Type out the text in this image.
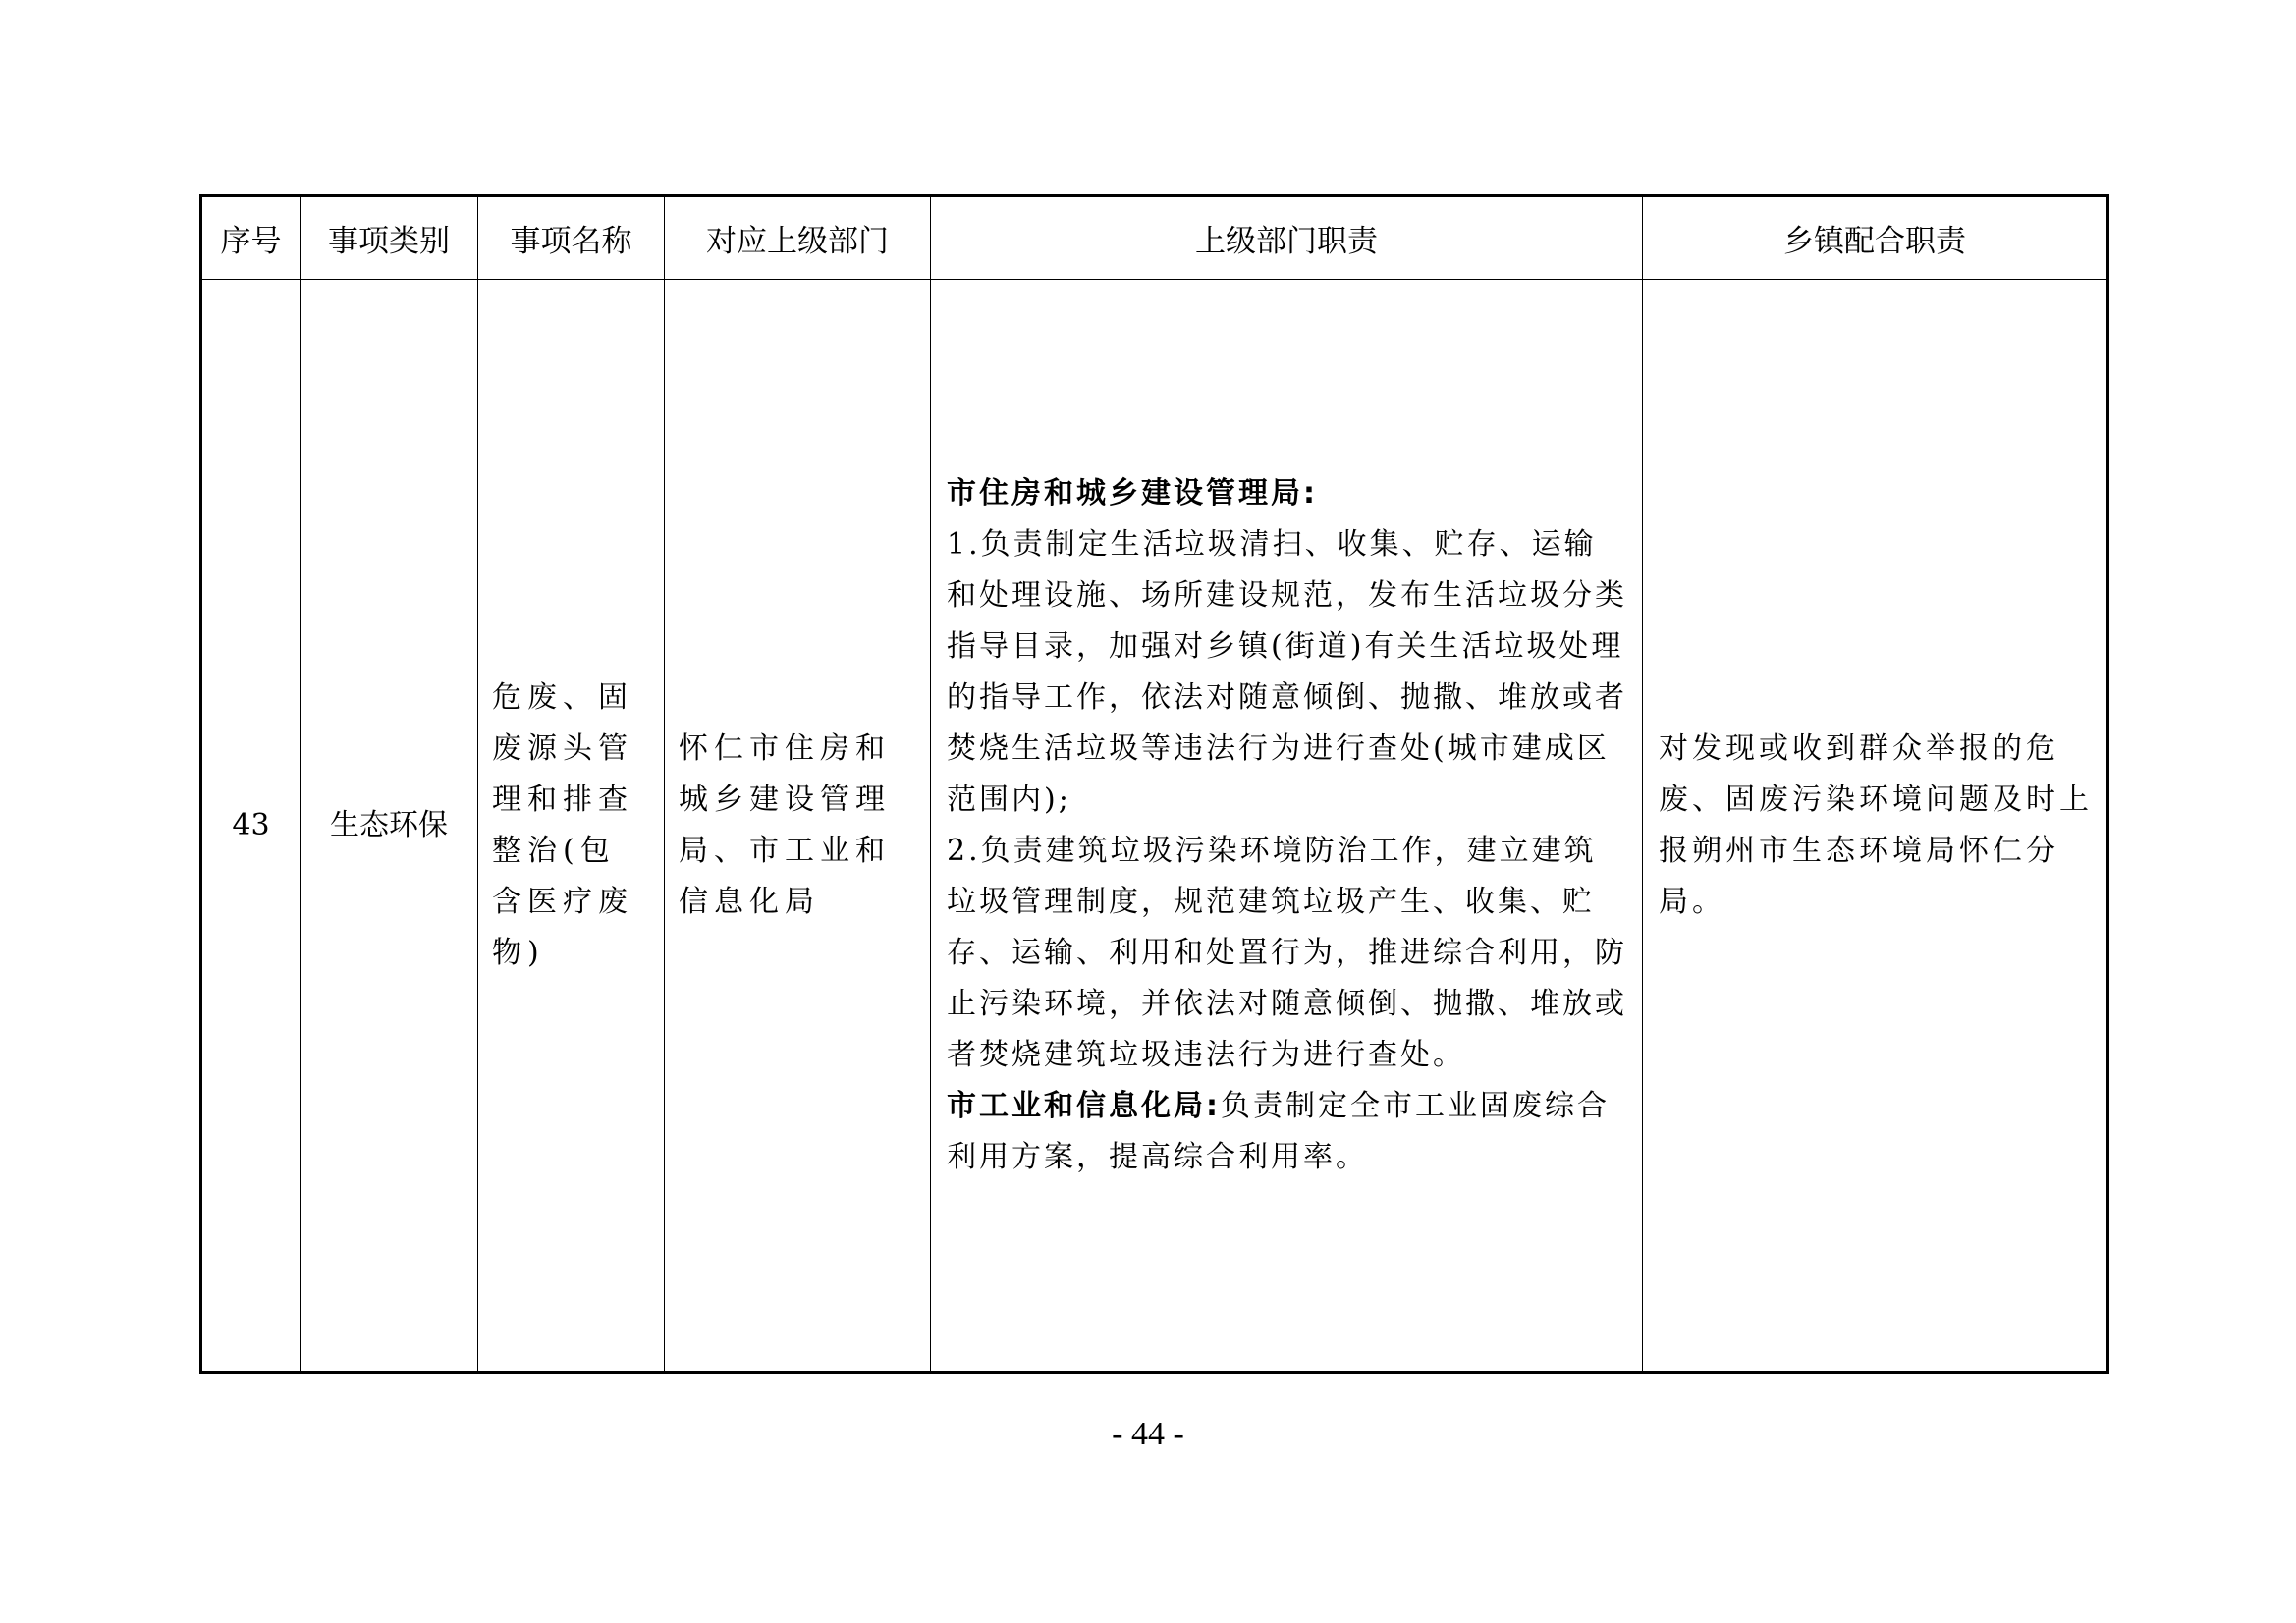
序号	事项类别	事项名称	对应上级部门	上级部门职责	乡镇配合职责
43	生态环保	危废、固废源头管理和排查整治(包含医疗废物)	怀仁市住房和城乡建设管理局、市工业和信息化局	市住房和城乡建设管理局:
1.负责制定生活垃圾清扫、收集、贮存、运输和处理设施、场所建设规范，发布生活垃圾分类指导目录，加强对乡镇(街道)有关生活垃圾处理的指导工作，依法对随意倾倒、抛撒、堆放或者焚烧生活垃圾等违法行为进行查处(城市建成区范围内);
2.负责建筑垃圾污染环境防治工作，建立建筑垃圾管理制度，规范建筑垃圾产生、收集、贮存、运输、利用和处置行为，推进综合利用，防止污染环境，并依法对随意倾倒、抛撒、堆放或者焚烧建筑垃圾违法行为进行查处。
市工业和信息化局:负责制定全市工业固废综合利用方案，提高综合利用率。	对发现或收到群众举报的危废、固废污染环境问题及时上报朔州市生态环境局怀仁分局。
- 44 -
